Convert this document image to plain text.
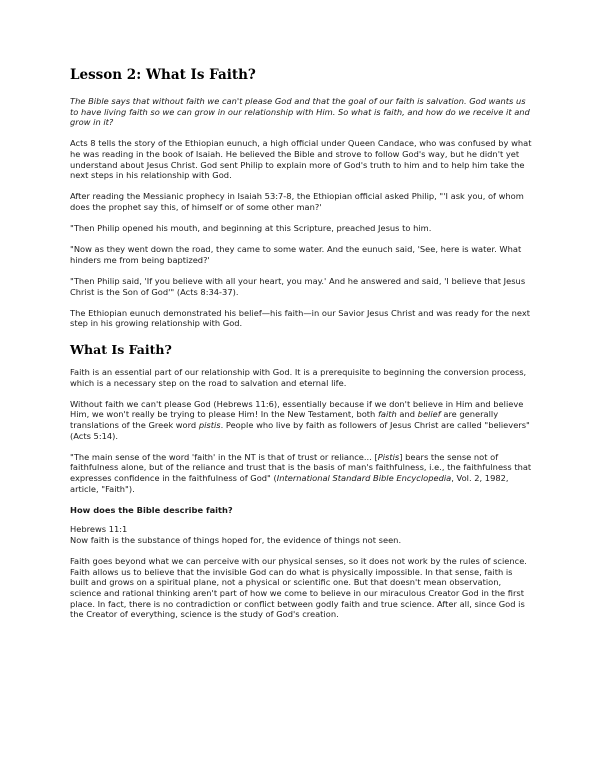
Lesson 2: What Is Faith?

The Bible says that without faith we can't please God and that the goal of our faith is salvation. God wants us to have living faith so we can grow in our relationship with Him. So what is faith, and how do we receive it and grow in it?

Acts 8 tells the story of the Ethiopian eunuch, a high official under Queen Candace, who was confused by what he was reading in the book of Isaiah. He believed the Bible and strove to follow God's way, but he didn't yet understand about Jesus Christ. God sent Philip to explain more of God's truth to him and to help him take the next steps in his relationship with God.

After reading the Messianic prophecy in Isaiah 53:7-8, the Ethiopian official asked Philip, "'I ask you, of whom does the prophet say this, of himself or of some other man?'

"Then Philip opened his mouth, and beginning at this Scripture, preached Jesus to him.

"Now as they went down the road, they came to some water. And the eunuch said, 'See, here is water. What hinders me from being baptized?'

"Then Philip said, 'If you believe with all your heart, you may.' And he answered and said, 'I believe that Jesus Christ is the Son of God'" (Acts 8:34-37).

The Ethiopian eunuch demonstrated his belief—his faith—in our Savior Jesus Christ and was ready for the next step in his growing relationship with God.

What Is Faith?

Faith is an essential part of our relationship with God. It is a prerequisite to beginning the conversion process, which is a necessary step on the road to salvation and eternal life.

Without faith we can't please God (Hebrews 11:6), essentially because if we don't believe in Him and believe Him, we won't really be trying to please Him! In the New Testament, both faith and belief are generally translations of the Greek word pistis. People who live by faith as followers of Jesus Christ are called "believers" (Acts 5:14).

"The main sense of the word 'faith' in the NT is that of trust or reliance... [Pistis] bears the sense not of faithfulness alone, but of the reliance and trust that is the basis of man's faithfulness, i.e., the faithfulness that expresses confidence in the faithfulness of God" (International Standard Bible Encyclopedia, Vol. 2, 1982, article, "Faith").

How does the Bible describe faith?

Hebrews 11:1
Now faith is the substance of things hoped for, the evidence of things not seen.

Faith goes beyond what we can perceive with our physical senses, so it does not work by the rules of science. Faith allows us to believe that the invisible God can do what is physically impossible. In that sense, faith is built and grows on a spiritual plane, not a physical or scientific one. But that doesn't mean observation, science and rational thinking aren't part of how we come to believe in our miraculous Creator God in the first place. In fact, there is no contradiction or conflict between godly faith and true science. After all, since God is the Creator of everything, science is the study of God's creation.
